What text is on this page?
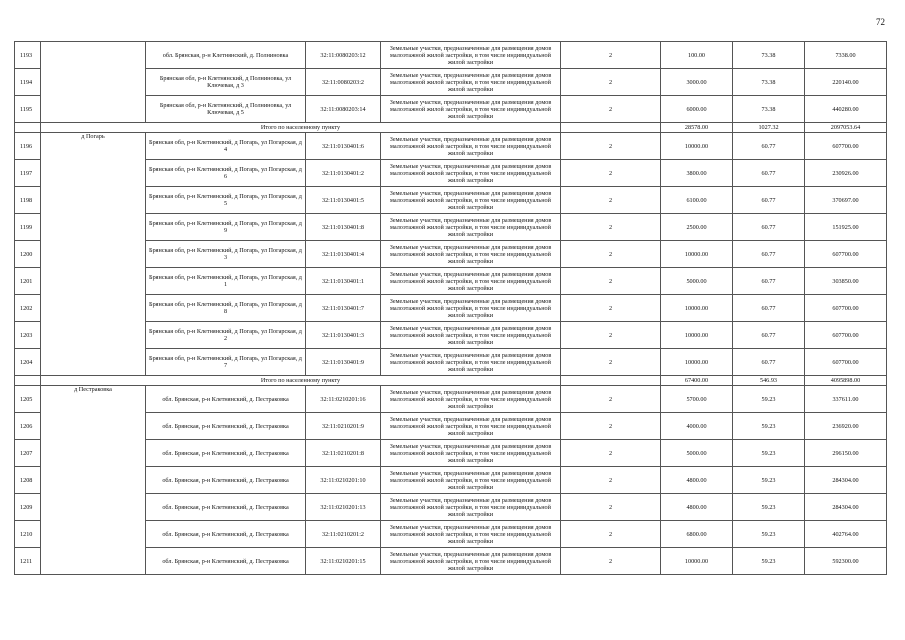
72
1193		обл. Брянская, р-н Клетнянский, д. Полниновка	32:11:0080203:12	Земельные участки, предназначенные для размещения домов малоэтажной жилой застройки, в том числе индивидуальной жилой застройки	2	100.00	73.38	7338.00
1194		Брянская обл, р-н Клетнянский, д Полниновка, ул Ключевая, д 3	32:11:0080203:2	Земельные участки, предназначенные для размещения домов малоэтажной жилой застройки, в том числе индивидуальной жилой застройки	2	3000.00	73.38	220140.00
1195		Брянская обл, р-н Клетнянский, д Полниновка, ул Ключевая, д 5	32:11:0080203:14	Земельные участки, предназначенные для размещения домов малоэтажной жилой застройки, в том числе индивидуальной жилой застройки	2	6000.00	73.38	440280.00
	Итого по населенному пункту					28578.00	1027.32	2097053.64
1196	д Погарь	Брянская обл, р-н Клетнянский, д Погарь, ул Погарская, д 4	32:11:0130401:6	Земельные участки, предназначенные для размещения домов малоэтажной жилой застройки, в том числе индивидуальной жилой застройки	2	10000.00	60.77	607700.00
1197		Брянская обл, р-н Клетнянский, д Погарь, ул Погарская, д 6	32:11:0130401:2	Земельные участки, предназначенные для размещения домов малоэтажной жилой застройки, в том числе индивидуальной жилой застройки	2	3800.00	60.77	230926.00
1198		Брянская обл, р-н Клетнянский, д Погарь, ул Погарская, д 5	32:11:0130401:5	Земельные участки, предназначенные для размещения домов малоэтажной жилой застройки, в том числе индивидуальной жилой застройки	2	6100.00	60.77	370697.00
1199		Брянская обл, р-н Клетнянский, д Погарь, ул Погарская, д 9	32:11:0130401:8	Земельные участки, предназначенные для размещения домов малоэтажной жилой застройки, в том числе индивидуальной жилой застройки	2	2500.00	60.77	151925.00
1200		Брянская обл, р-н Клетнянский, д Погарь, ул Погарская, д 3	32:11:0130401:4	Земельные участки, предназначенные для размещения домов малоэтажной жилой застройки, в том числе индивидуальной жилой застройки	2	10000.00	60.77	607700.00
1201		Брянская обл, р-н Клетнянский, д Погарь, ул Погарская, д 1	32:11:0130401:1	Земельные участки, предназначенные для размещения домов малоэтажной жилой застройки, в том числе индивидуальной жилой застройки	2	5000.00	60.77	303850.00
1202		Брянская обл, р-н Клетнянский, д Погарь, ул Погарская, д 8	32:11:0130401:7	Земельные участки, предназначенные для размещения домов малоэтажной жилой застройки, в том числе индивидуальной жилой застройки	2	10000.00	60.77	607700.00
1203		Брянская обл, р-н Клетнянский, д Погарь, ул Погарская, д 2	32:11:0130401:3	Земельные участки, предназначенные для размещения домов малоэтажной жилой застройки, в том числе индивидуальной жилой застройки	2	10000.00	60.77	607700.00
1204		Брянская обл, р-н Клетнянский, д Погарь, ул Погарская, д 7	32:11:0130401:9	Земельные участки, предназначенные для размещения домов малоэтажной жилой застройки, в том числе индивидуальной жилой застройки	2	10000.00	60.77	607700.00
	Итого по населенному пункту					67400.00	546.93	4095898.00
1205	д Пестраковка	обл. Брянская, р-н Клетнянский, д. Пестраковка	32:11:0210201:16	Земельные участки, предназначенные для размещения домов малоэтажной жилой застройки, в том числе индивидуальной жилой застройки	2	5700.00	59.23	337611.00
1206		обл. Брянская, р-н Клетнянский, д. Пестраковка	32:11:0210201:9	Земельные участки, предназначенные для размещения домов малоэтажной жилой застройки, в том числе индивидуальной жилой застройки	2	4000.00	59.23	236920.00
1207		обл. Брянская, р-н Клетнянский, д. Пестраковка	32:11:0210201:8	Земельные участки, предназначенные для размещения домов малоэтажной жилой застройки, в том числе индивидуальной жилой застройки	2	5000.00	59.23	296150.00
1208		обл. Брянская, р-н Клетнянский, д. Пестраковка	32:11:0210201:10	Земельные участки, предназначенные для размещения домов малоэтажной жилой застройки, в том числе индивидуальной жилой застройки	2	4800.00	59.23	284304.00
1209		обл. Брянская, р-н Клетнянский, д. Пестраковка	32:11:0210201:13	Земельные участки, предназначенные для размещения домов малоэтажной жилой застройки, в том числе индивидуальной жилой застройки	2	4800.00	59.23	284304.00
1210		обл. Брянская, р-н Клетнянский, д. Пестраковка	32:11:0210201:2	Земельные участки, предназначенные для размещения домов малоэтажной жилой застройки, в том числе индивидуальной жилой застройки	2	6800.00	59.23	402764.00
1211		обл. Брянская, р-н Клетнянский, д. Пестраковка	32:11:0210201:15	Земельные участки, предназначенные для размещения домов малоэтажной жилой застройки, в том числе индивидуальной жилой застройки	2	10000.00	59.23	592300.00
